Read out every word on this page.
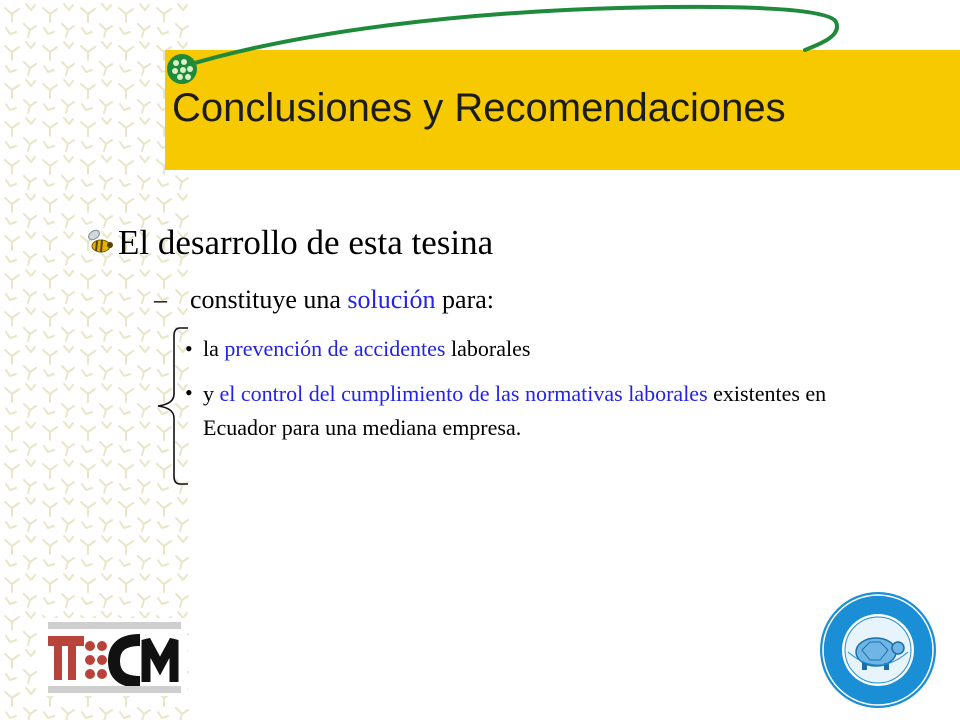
Conclusiones y Recomendaciones
El desarrollo de esta tesina
– constituye una solución para:
• la prevención de accidentes laborales
• y el control del cumplimiento de las normativas laborales existentes en Ecuador para una mediana empresa.
